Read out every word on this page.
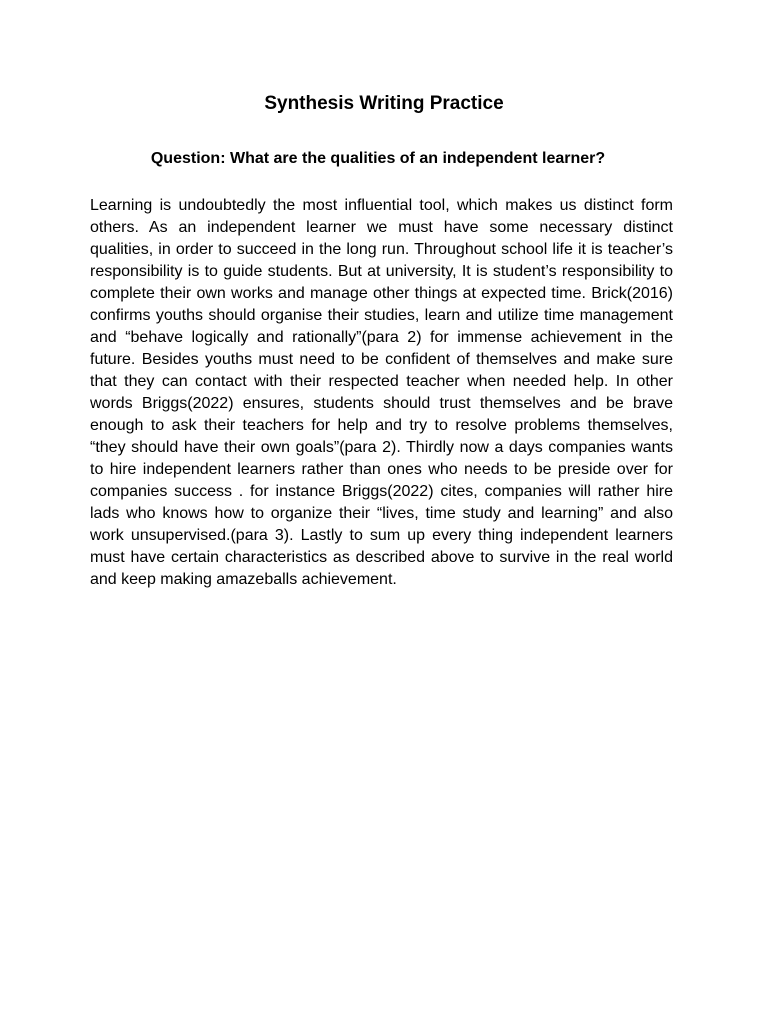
Synthesis Writing Practice
Question: What are the qualities of an independent learner?

Learning is undoubtedly the most influential tool, which makes us distinct form others. As an independent learner we must have some necessary distinct qualities, in order to succeed in the long run. Throughout school life it is teacher’s responsibility is to guide students. But at university, It is student’s responsibility to complete their own works and manage other things at expected time. Brick(2016) confirms youths should organise their studies, learn and utilize time management and “behave logically and rationally”(para 2) for immense achievement in the future. Besides youths must need to be confident of themselves and make sure that they can contact with their respected teacher when needed help. In other words Briggs(2022) ensures, students should trust themselves and be brave enough to ask their teachers for help and try to resolve problems themselves, “they should have their own goals”(para 2). Thirdly now a days companies wants to hire independent learners rather than ones who needs to be preside over for companies success . for instance Briggs(2022) cites, companies will rather hire lads who knows how to organize their “lives, time study and learning” and also work unsupervised.(para 3). Lastly to sum up every thing independent learners must have certain characteristics as described above to survive in the real world and keep making amazeballs achievement.
